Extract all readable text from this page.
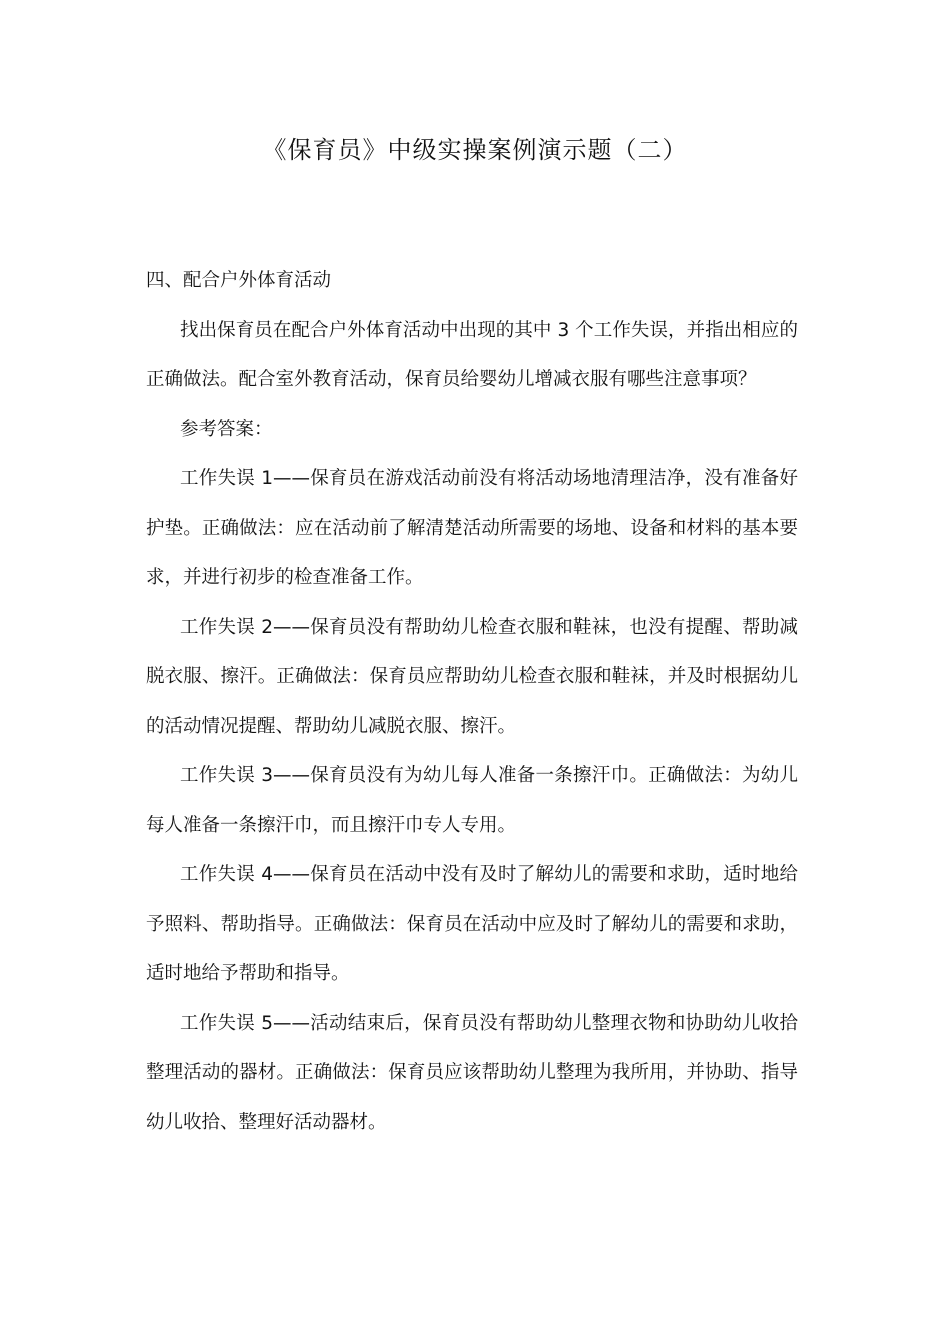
《保育员》中级实操案例演示题（二）

四、配合户外体育活动

找出保育员在配合户外体育活动中出现的其中 3 个工作失误，并指出相应的正确做法。配合室外教育活动，保育员给婴幼儿增减衣服有哪些注意事项？

参考答案：

工作失误 1——保育员在游戏活动前没有将活动场地清理洁净，没有准备好护垫。正确做法：应在活动前了解清楚活动所需要的场地、设备和材料的基本要求，并进行初步的检查准备工作。

工作失误 2——保育员没有帮助幼儿检查衣服和鞋袜，也没有提醒、帮助减脱衣服、擦汗。正确做法：保育员应帮助幼儿检查衣服和鞋袜，并及时根据幼儿的活动情况提醒、帮助幼儿减脱衣服、擦汗。

工作失误 3——保育员没有为幼儿每人准备一条擦汗巾。正确做法：为幼儿每人准备一条擦汗巾，而且擦汗巾专人专用。

工作失误 4——保育员在活动中没有及时了解幼儿的需要和求助，适时地给予照料、帮助指导。正确做法：保育员在活动中应及时了解幼儿的需要和求助，适时地给予帮助和指导。

工作失误 5——活动结束后，保育员没有帮助幼儿整理衣物和协助幼儿收拾整理活动的器材。正确做法：保育员应该帮助幼儿整理为我所用，并协助、指导幼儿收拾、整理好活动器材。
